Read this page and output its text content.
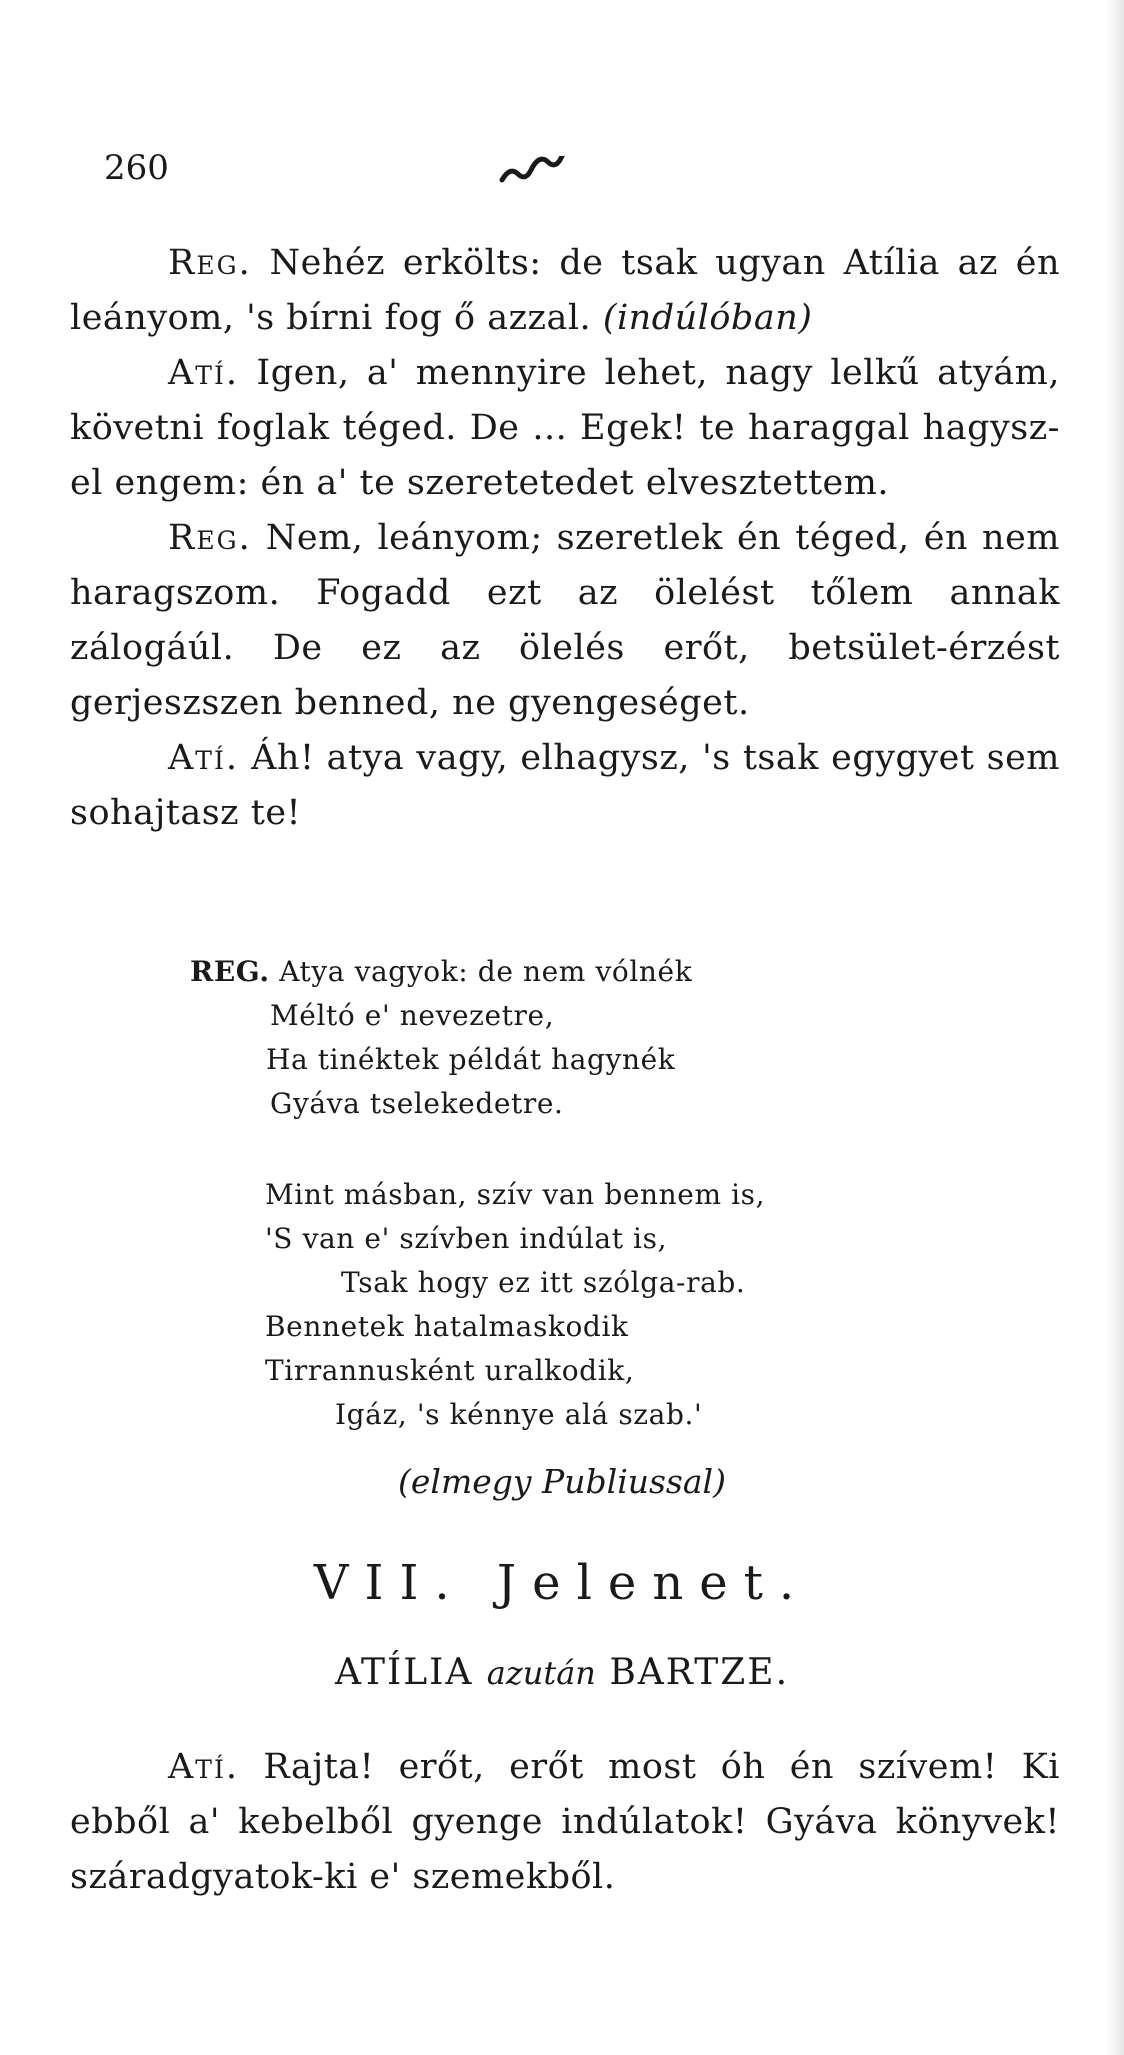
260

Reg. Nehéz erkölts: de tsak ugyan Atília az én leányom, 's bírni fog ő azzal. (indúlóban)

Atí. Igen, a' mennyire lehet, nagy lelkű atyám, követni foglak téged. De ... Egek! te haraggal hagysz-el engem: én a' te szeretetedet elvesztettem.

Reg. Nem, leányom; szeretlek én téged, én nem haragszom. Fogadd ezt az ölelést tőlem annak zálogáúl. De ez az ölelés erőt, betsület-érzést gerjeszszen benned, ne gyengeséget.

Atí. Áh! atya vagy, elhagysz, 's tsak egygyet sem sohajtasz te!

REG. Atya vagyok: de nem vólnék
Méltó e' nevezetre,
Ha tinéktek példát hagynék
Gyáva tselekedetre.
Mint másban, szív van bennem is,
'S van e' szívben indúlat is,
Tsak hogy ez itt szólga-rab.
Bennetek hatalmaskodik
Tirrannusként uralkodik,
Igáz, 's kénnye alá szab.'
(elmegy Publiussal)
VII. Jelenet.
ATÍLIA azután BARTZE.

Atí. Rajta! erőt, erőt most óh én szívem! Ki ebből a' kebelből gyenge indúlatok! Gyáva könyvek! száradgyatok-ki e' szemekből.
